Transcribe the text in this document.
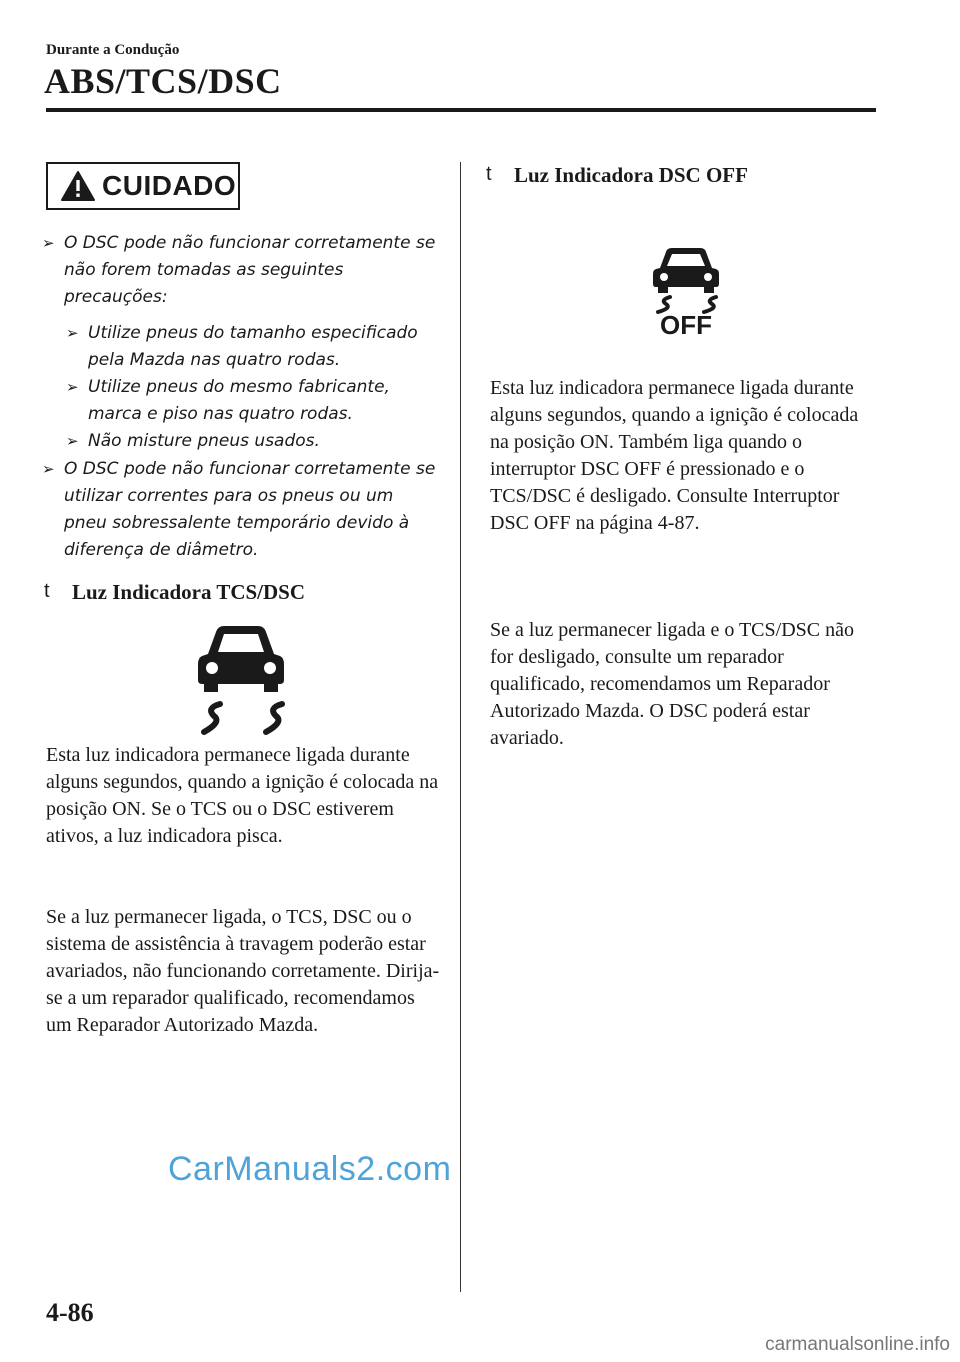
Durante a Condução
ABS/TCS/DSC
CUIDADO
➢ O DSC pode não funcionar corretamente se não forem tomadas as seguintes precauções:
➢ Utilize pneus do tamanho especificado pela Mazda nas quatro rodas.
➢ Utilize pneus do mesmo fabricante, marca e piso nas quatro rodas.
➢ Não misture pneus usados.
➢ O DSC pode não funcionar corretamente se utilizar correntes para os pneus ou um pneu sobressalente temporário devido à diferença de diâmetro.
t Luz Indicadora TCS/DSC
Esta luz indicadora permanece ligada durante alguns segundos, quando a ignição é colocada na posição ON. Se o TCS ou o DSC estiverem ativos, a luz indicadora pisca.
Se a luz permanecer ligada, o TCS, DSC ou o sistema de assistência à travagem poderão estar avariados, não funcionando corretamente. Dirija-se a um reparador qualificado, recomendamos um Reparador Autorizado Mazda.
t Luz Indicadora DSC OFF
OFF
Esta luz indicadora permanece ligada durante alguns segundos, quando a ignição é colocada na posição ON. Também liga quando o interruptor DSC OFF é pressionado e o TCS/DSC é desligado. Consulte Interruptor DSC OFF na página 4-87.
Se a luz permanecer ligada e o TCS/DSC não for desligado, consulte um reparador qualificado, recomendamos um Reparador Autorizado Mazda. O DSC poderá estar avariado.
CarManuals2.com
4-86
carmanualsonline.info
